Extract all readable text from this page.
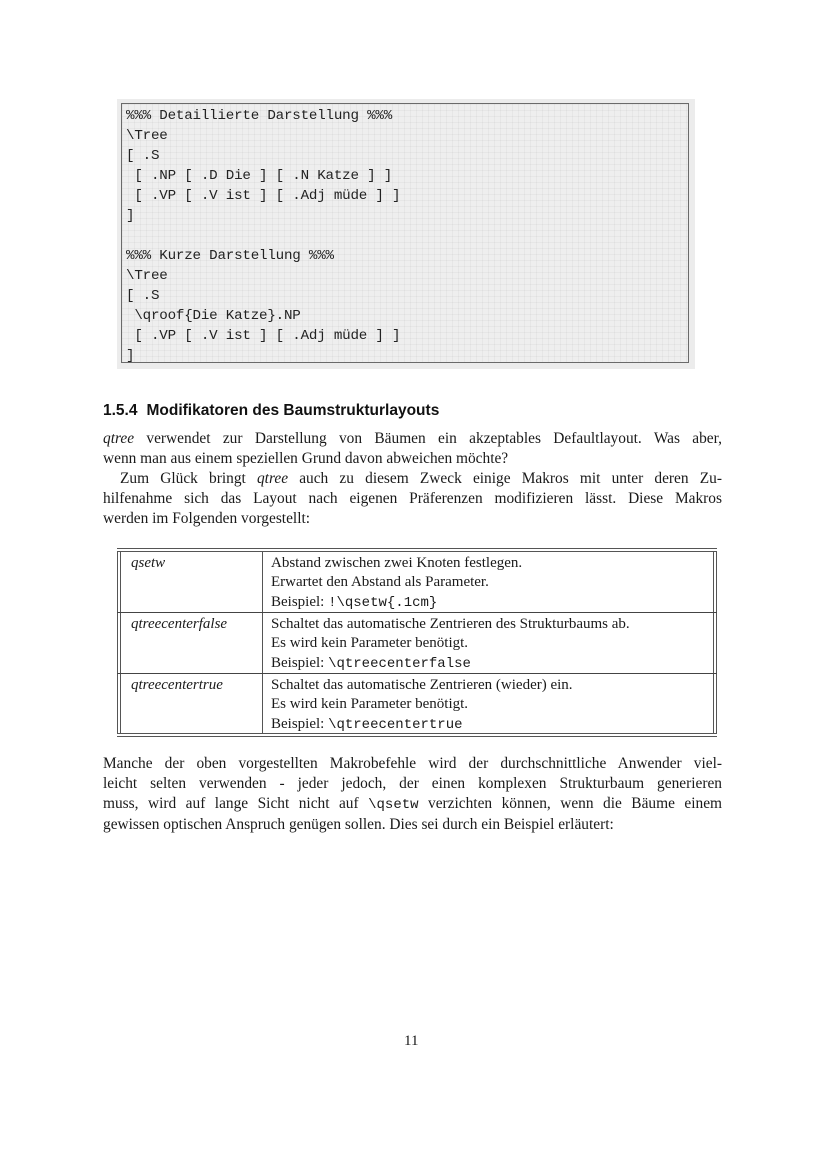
%%% Detaillierte Darstellung %%%
\Tree
[ .S
[ .NP [ .D Die ] [ .N Katze ] ]
[ .VP [ .V ist ] [ .Adj müde ] ]
]
%%% Kurze Darstellung %%%
\Tree
[ .S
\qroof{Die Katze}.NP
[ .VP [ .V ist ] [ .Adj müde ] ]
]
1.5.4 Modifikatoren des Baumstrukturlayouts
qtree verwendet zur Darstellung von Bäumen ein akzeptables Defaultlayout. Was aber,
wenn man aus einem speziellen Grund davon abweichen möchte?
Zum Glück bringt qtree auch zu diesem Zweck einige Makros mit unter deren Zu-
hilfenahme sich das Layout nach eigenen Präferenzen modifizieren lässt. Diese Makros
werden im Folgenden vorgestellt:
qsetw	Abstand zwischen zwei Knoten festlegen.
Erwartet den Abstand als Parameter.
Beispiel: !\qsetw{.1cm}
qtreecenterfalse	Schaltet das automatische Zentrieren des Strukturbaums ab.
Es wird kein Parameter benötigt.
Beispiel: \qtreecenterfalse
qtreecentertrue	Schaltet das automatische Zentrieren (wieder) ein.
Es wird kein Parameter benötigt.
Beispiel: \qtreecentertrue
Manche der oben vorgestellten Makrobefehle wird der durchschnittliche Anwender viel-
leicht selten verwenden - jeder jedoch, der einen komplexen Strukturbaum generieren
muss, wird auf lange Sicht nicht auf \qsetw verzichten können, wenn die Bäume einem
gewissen optischen Anspruch genügen sollen. Dies sei durch ein Beispiel erläutert:
11
